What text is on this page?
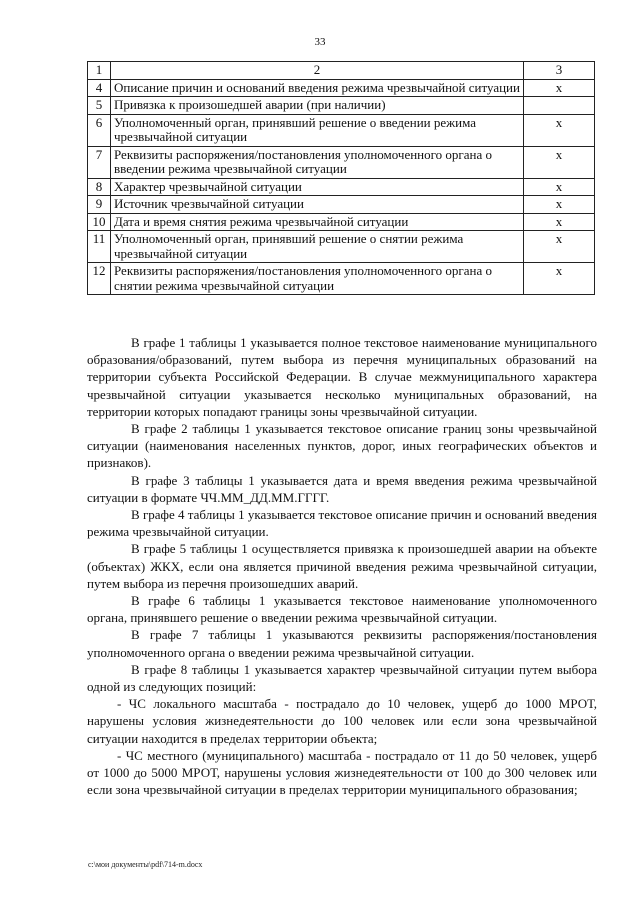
33
1	2	3
4	Описание причин и оснований введения режима чрезвычайной ситуации	x
5	Привязка к произошедшей аварии (при наличии)	
6	Уполномоченный орган, принявший решение о введении режима чрезвычайной ситуации	x
7	Реквизиты распоряжения/постановления уполномоченного органа о введении режима чрезвычайной ситуации	x
8	Характер чрезвычайной ситуации	x
9	Источник чрезвычайной ситуации	x
10	Дата и время снятия режима чрезвычайной ситуации	x
11	Уполномоченный орган, принявший решение о снятии режима чрезвычайной ситуации	x
12	Реквизиты распоряжения/постановления уполномоченного органа о снятии режима чрезвычайной ситуации	x

В графе 1 таблицы 1 указывается полное текстовое наименование муниципального образования/образований, путем выбора из перечня муниципальных образований на территории субъекта Российской Федерации. В случае межмуниципального характера чрезвычайной ситуации указывается несколько муниципальных образований, на территории которых попадают границы зоны чрезвычайной ситуации.

В графе 2 таблицы 1 указывается текстовое описание границ зоны чрезвычайной ситуации (наименования населенных пунктов, дорог, иных географических объектов и признаков).

В графе 3 таблицы 1 указывается дата и время введения режима чрезвычайной ситуации в формате ЧЧ.ММ_ДД.ММ.ГГГГ.

В графе 4 таблицы 1 указывается текстовое описание причин и оснований введения режима чрезвычайной ситуации.

В графе 5 таблицы 1 осуществляется привязка к произошедшей аварии на объекте (объектах) ЖКХ, если она является причиной введения режима чрезвычайной ситуации, путем выбора из перечня произошедших аварий.

В графе 6 таблицы 1 указывается текстовое наименование уполномоченного органа, принявшего решение о введении режима чрезвычайной ситуации.

В графе 7 таблицы 1 указываются реквизиты распоряжения/постановления уполномоченного органа о введении режима чрезвычайной ситуации.

В графе 8 таблицы 1 указывается характер чрезвычайной ситуации путем выбора одной из следующих позиций:

- ЧС локального масштаба - пострадало до 10 человек, ущерб до 1000 МРОТ, нарушены условия жизнедеятельности до 100 человек или если зона чрезвычайной ситуации находится в пределах территории объекта;

- ЧС местного (муниципального) масштаба - пострадало от 11 до 50 человек, ущерб от 1000 до 5000 МРОТ, нарушены условия жизнедеятельности от 100 до 300 человек или если зона чрезвычайной ситуации в пределах территории муниципального образования;

c:\мои документы\pdf\714-m.docx
